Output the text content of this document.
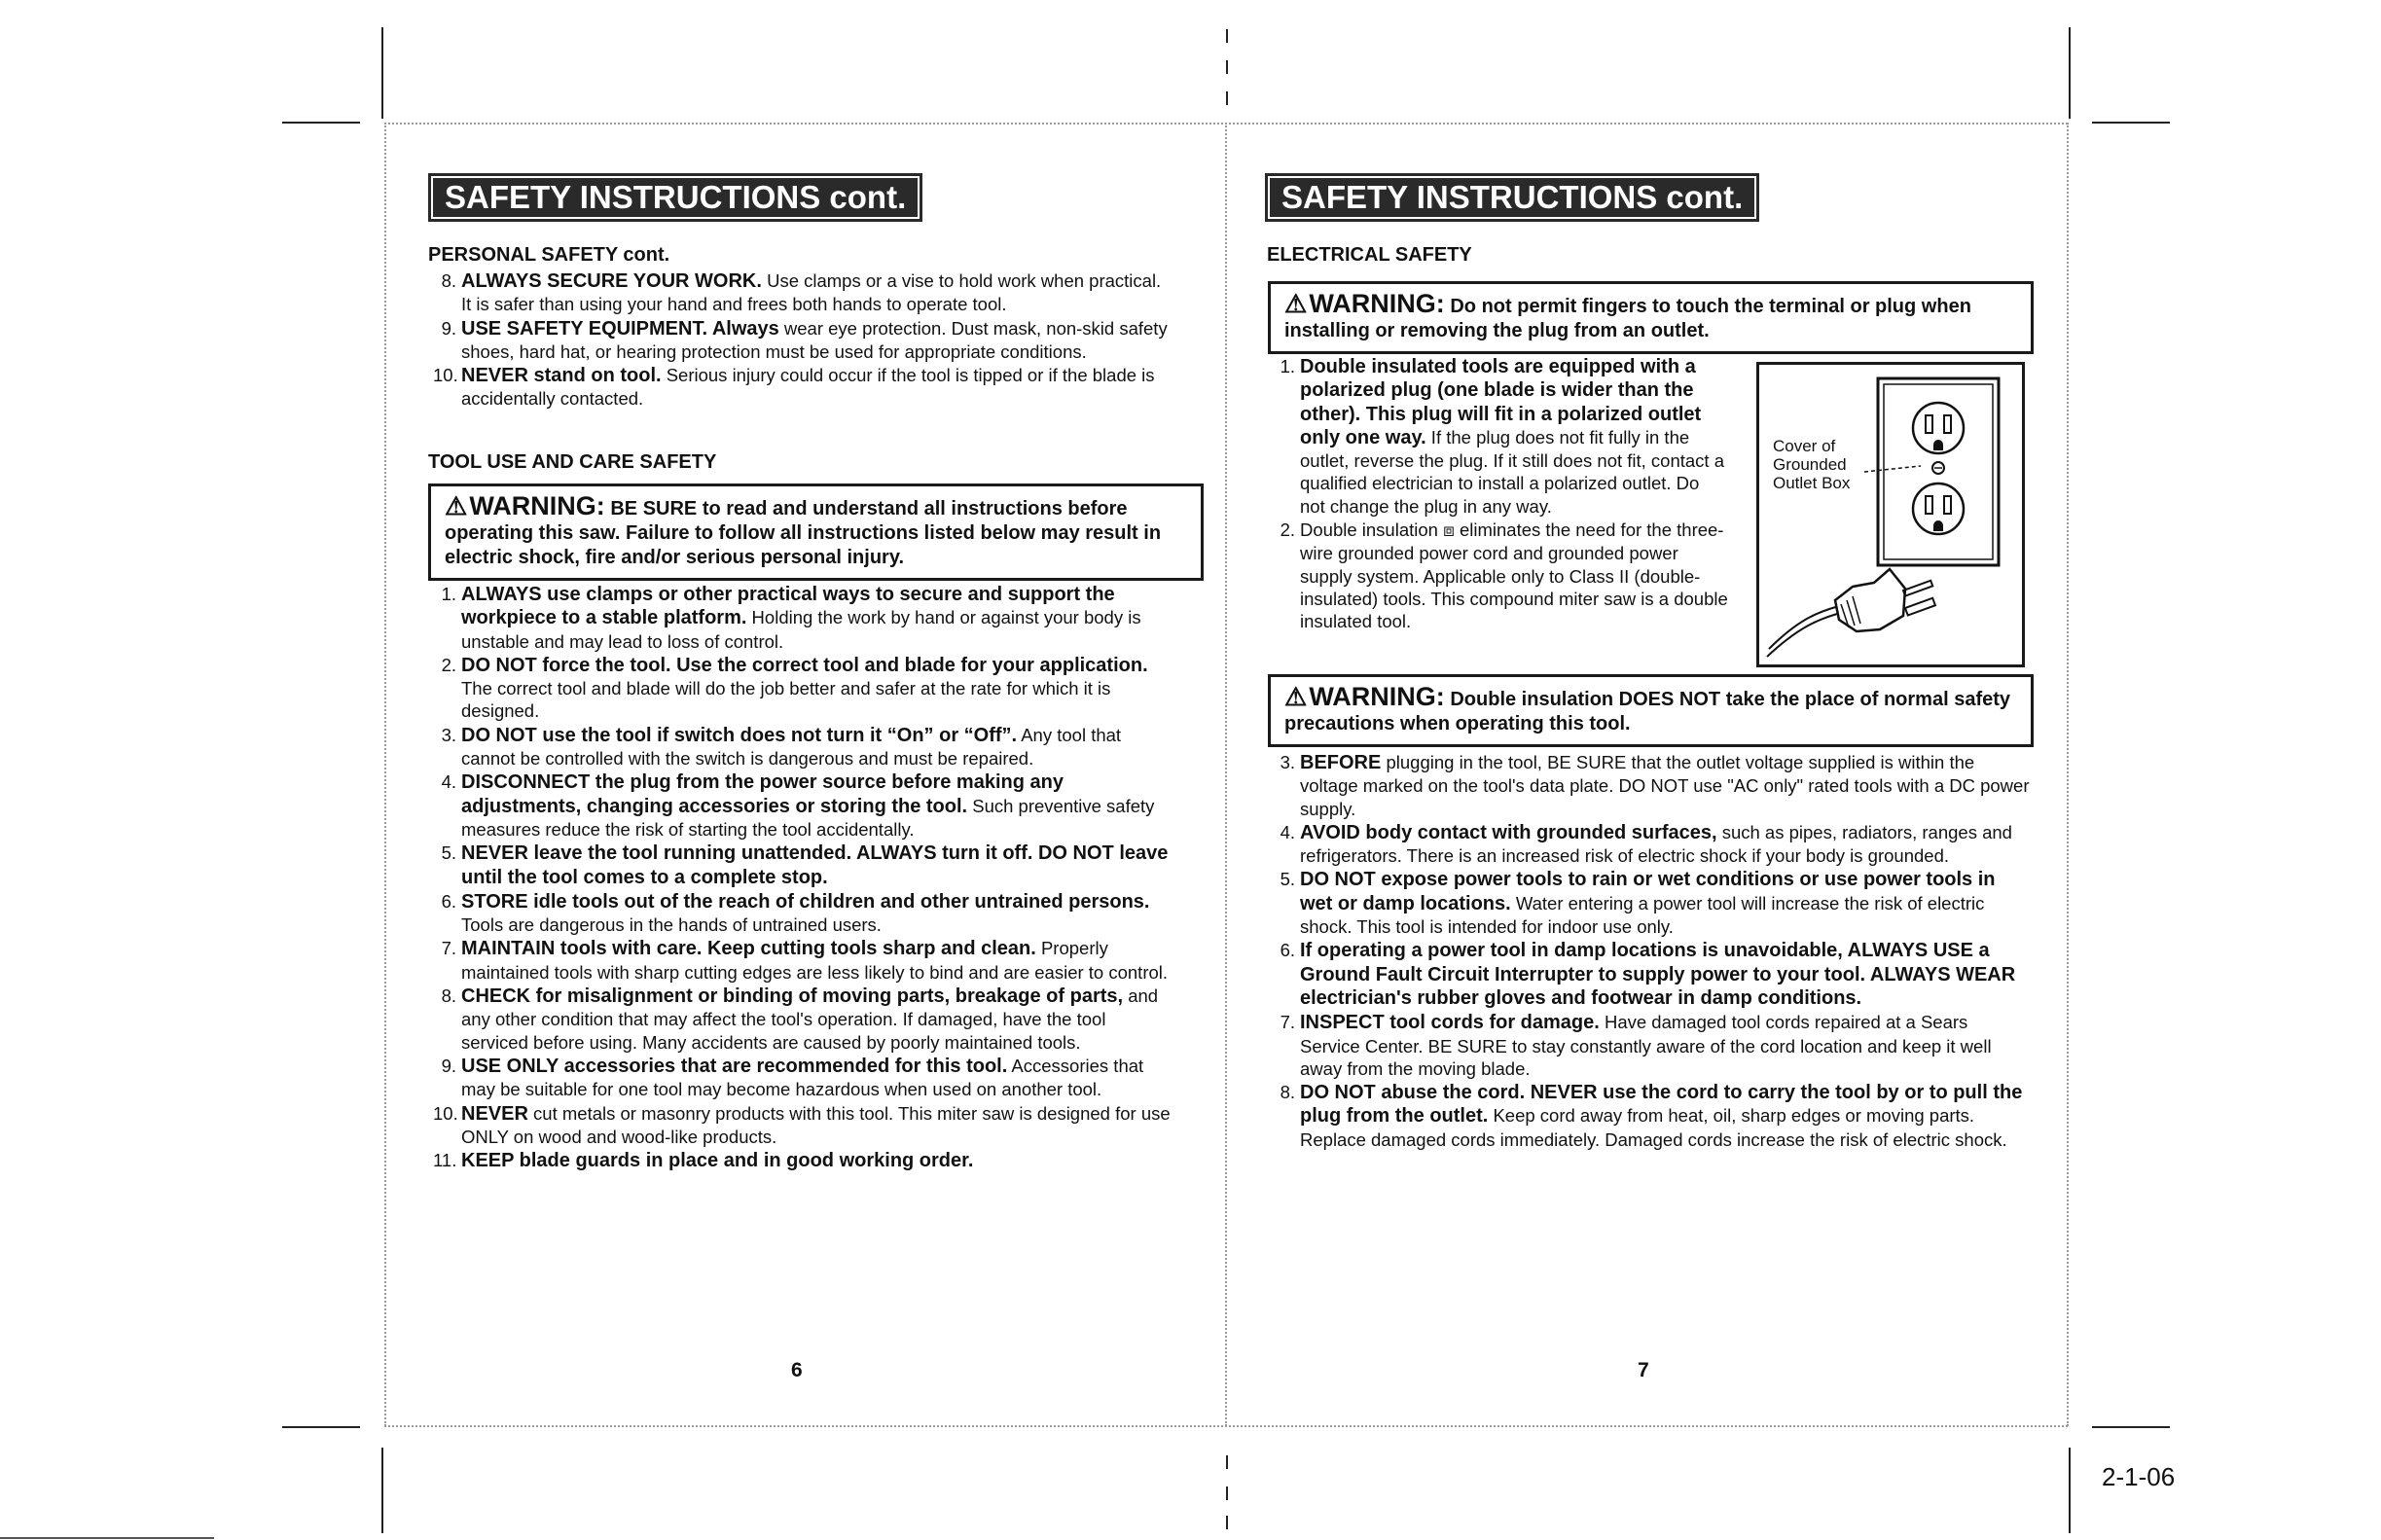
SAFETY INSTRUCTIONS cont.
PERSONAL SAFETY cont.
8. ALWAYS SECURE YOUR WORK. Use clamps or a vise to hold work when practical. It is safer than using your hand and frees both hands to operate tool.
9. USE SAFETY EQUIPMENT. Always wear eye protection. Dust mask, non-skid safety shoes, hard hat, or hearing protection must be used for appropriate conditions.
10. NEVER stand on tool. Serious injury could occur if the tool is tipped or if the blade is accidentally contacted.
TOOL USE AND CARE SAFETY
⚠WARNING: BE SURE to read and understand all instructions before operating this saw. Failure to follow all instructions listed below may result in electric shock, fire and/or serious personal injury.
1. ALWAYS use clamps or other practical ways to secure and support the workpiece to a stable platform. Holding the work by hand or against your body is unstable and may lead to loss of control.
2. DO NOT force the tool. Use the correct tool and blade for your application. The correct tool and blade will do the job better and safer at the rate for which it is designed.
3. DO NOT use the tool if switch does not turn it “On” or “Off”. Any tool that cannot be controlled with the switch is dangerous and must be repaired.
4. DISCONNECT the plug from the power source before making any adjustments, changing accessories or storing the tool. Such preventive safety measures reduce the risk of starting the tool accidentally.
5. NEVER leave the tool running unattended. ALWAYS turn it off. DO NOT leave until the tool comes to a complete stop.
6. STORE idle tools out of the reach of children and other untrained persons. Tools are dangerous in the hands of untrained users.
7. MAINTAIN tools with care. Keep cutting tools sharp and clean. Properly maintained tools with sharp cutting edges are less likely to bind and are easier to control.
8. CHECK for misalignment or binding of moving parts, breakage of parts, and any other condition that may affect the tool's operation. If damaged, have the tool serviced before using. Many accidents are caused by poorly maintained tools.
9. USE ONLY accessories that are recommended for this tool. Accessories that may be suitable for one tool may become hazardous when used on another tool.
10. NEVER cut metals or masonry products with this tool. This miter saw is designed for use ONLY on wood and wood-like products.
11. KEEP blade guards in place and in good working order.
6
SAFETY INSTRUCTIONS cont.
ELECTRICAL SAFETY
⚠WARNING: Do not permit fingers to touch the terminal or plug when installing or removing the plug from an outlet.
1. Double insulated tools are equipped with a polarized plug (one blade is wider than the other). This plug will fit in a polarized outlet only one way. If the plug does not fit fully in the outlet, reverse the plug. If it still does not fit, contact a qualified electrician to install a polarized outlet. Do not change the plug in any way.
2. Double insulation ⧈ eliminates the need for the three-wire grounded power cord and grounded power supply system. Applicable only to Class II (double-insulated) tools. This compound miter saw is a double insulated tool.
Cover of Grounded Outlet Box
⚠WARNING: Double insulation DOES NOT take the place of normal safety precautions when operating this tool.
3. BEFORE plugging in the tool, BE SURE that the outlet voltage supplied is within the voltage marked on the tool's data plate. DO NOT use "AC only" rated tools with a DC power supply.
4. AVOID body contact with grounded surfaces, such as pipes, radiators, ranges and refrigerators. There is an increased risk of electric shock if your body is grounded.
5. DO NOT expose power tools to rain or wet conditions or use power tools in wet or damp locations. Water entering a power tool will increase the risk of electric shock. This tool is intended for indoor use only.
6. If operating a power tool in damp locations is unavoidable, ALWAYS USE a Ground Fault Circuit Interrupter to supply power to your tool. ALWAYS WEAR electrician's rubber gloves and footwear in damp conditions.
7. INSPECT tool cords for damage. Have damaged tool cords repaired at a Sears Service Center. BE SURE to stay constantly aware of the cord location and keep it well away from the moving blade.
8. DO NOT abuse the cord. NEVER use the cord to carry the tool by or to pull the plug from the outlet. Keep cord away from heat, oil, sharp edges or moving parts. Replace damaged cords immediately. Damaged cords increase the risk of electric shock.
7
2-1-06
